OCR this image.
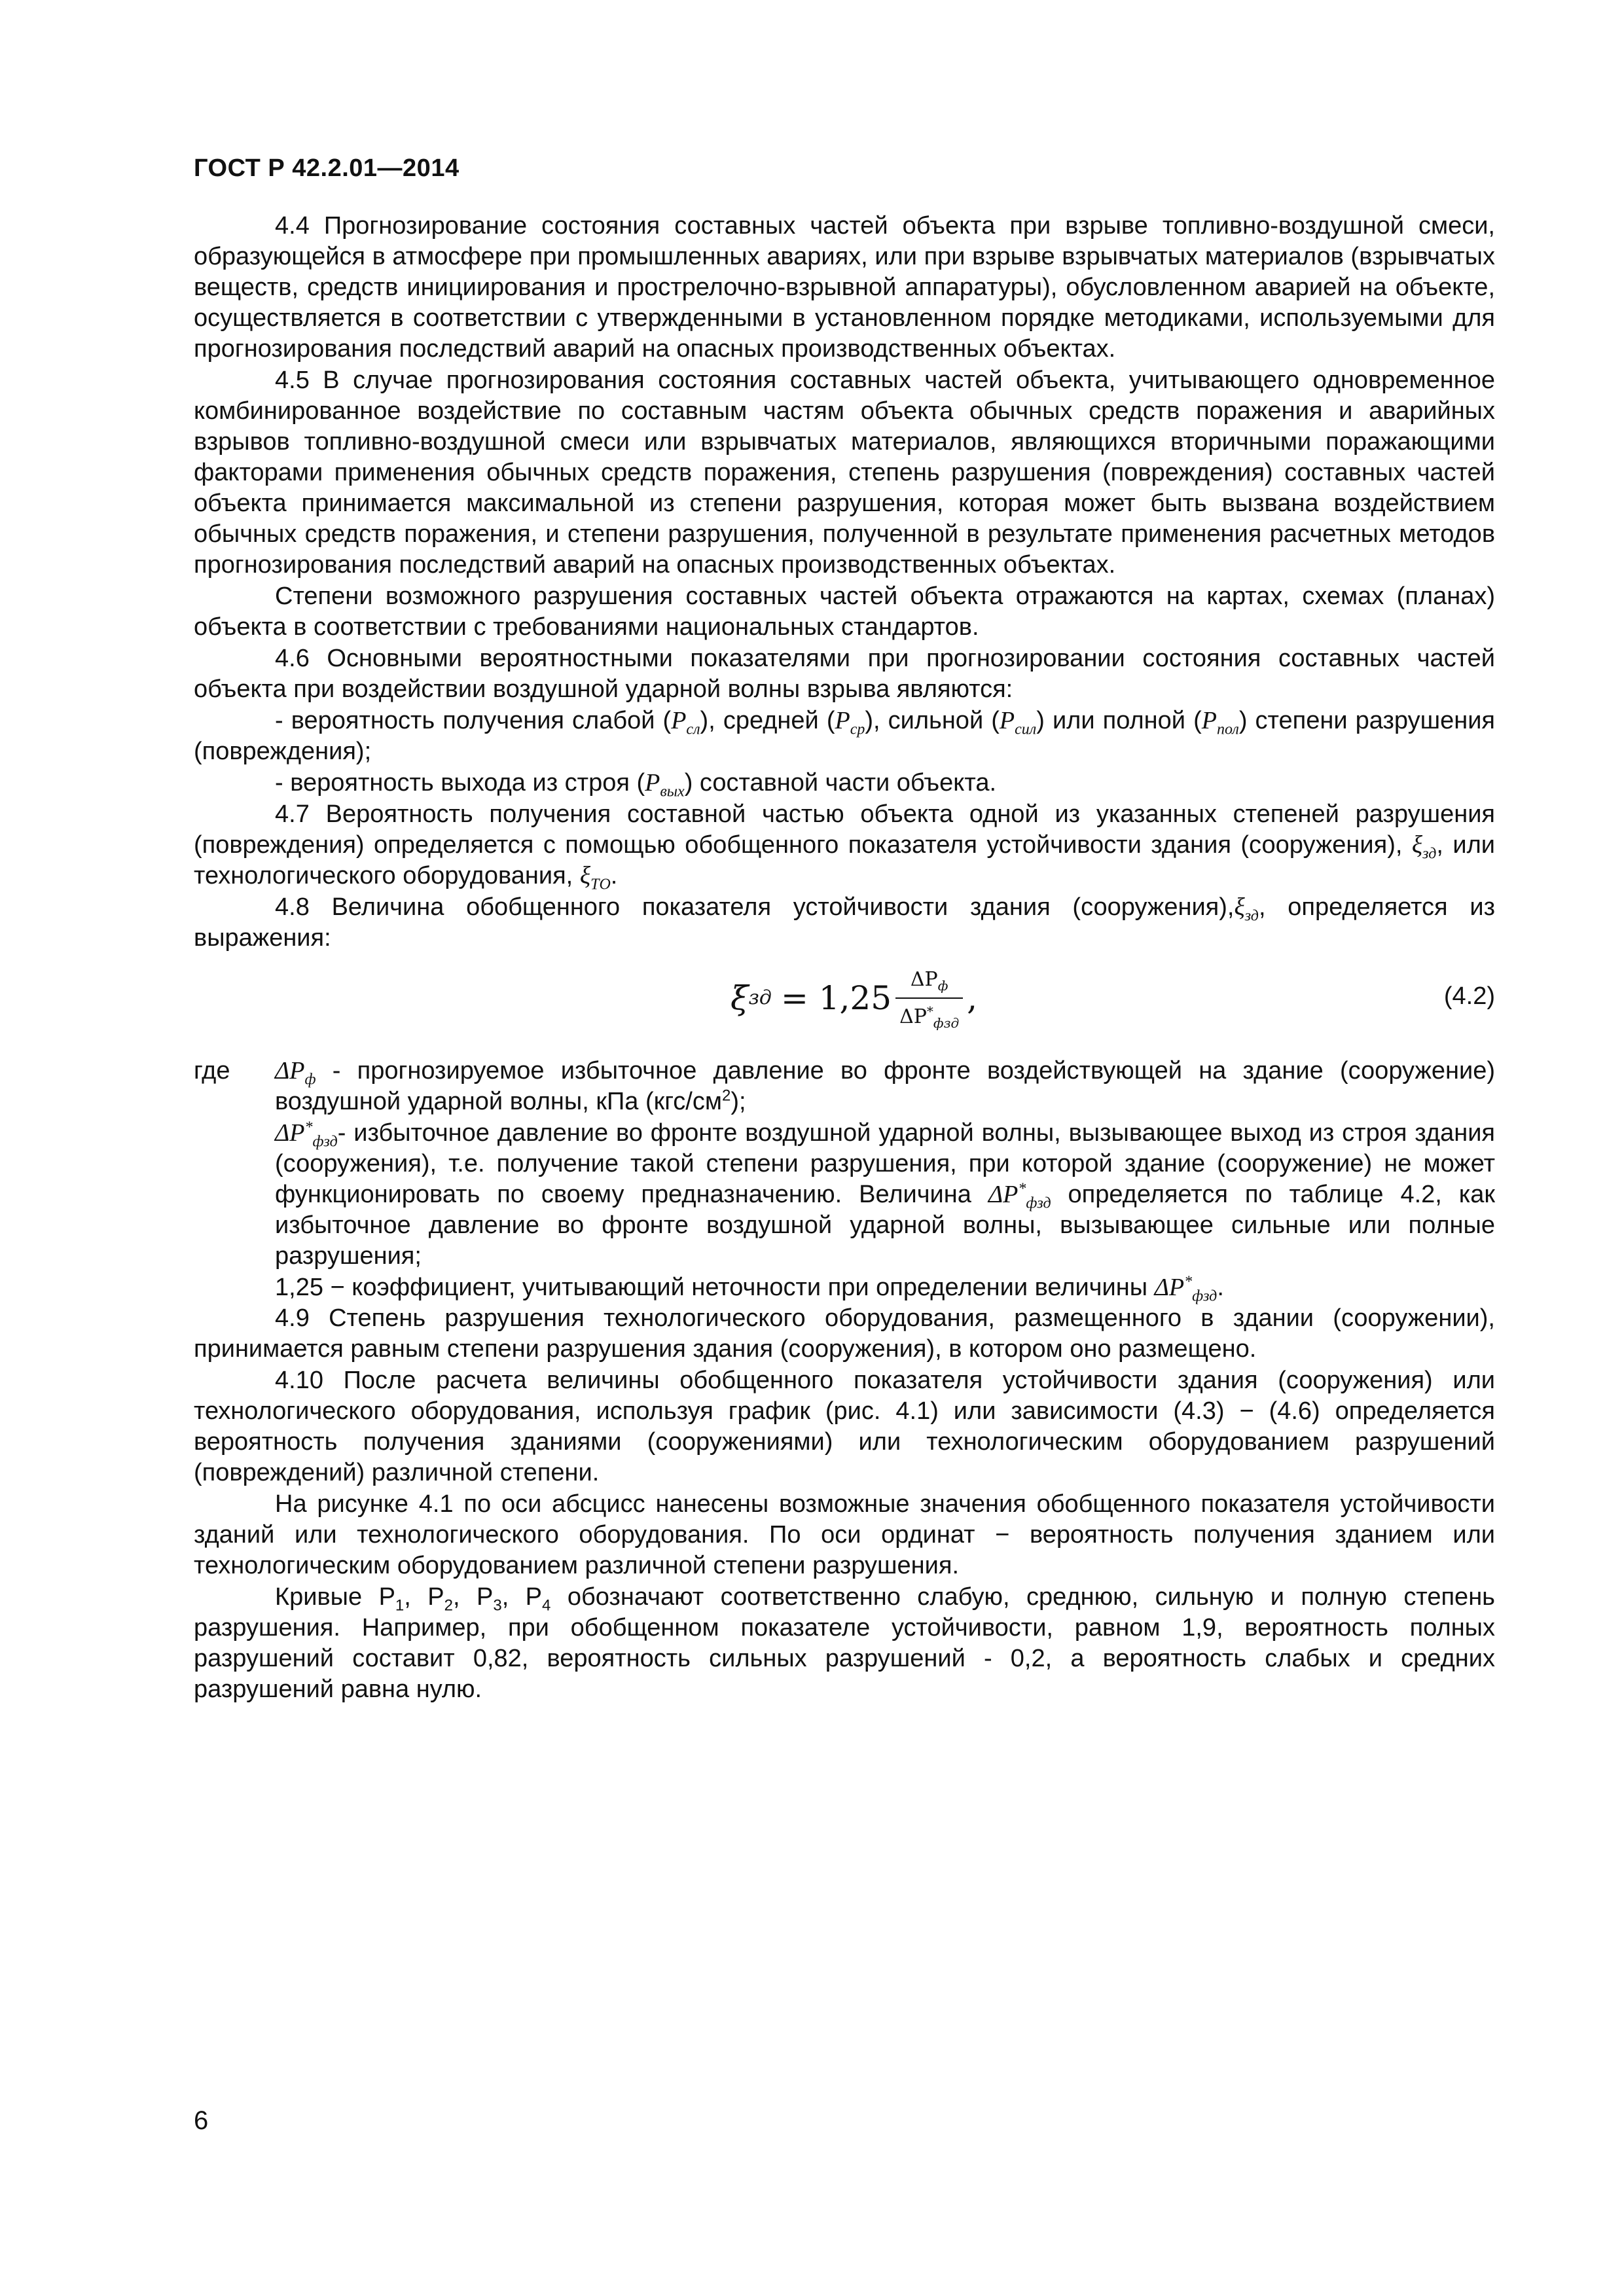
ГОСТ Р 42.2.01—2014

4.4 Прогнозирование состояния составных частей объекта при взрыве топливно-воздушной смеси, образующейся в атмосфере при промышленных авариях, или при взрыве взрывчатых материалов (взрывчатых веществ, средств инициирования и прострелочно-взрывной аппаратуры), обусловленном аварией на объекте, осуществляется в соответствии с утвержденными в установленном порядке методиками, используемыми для прогнозирования последствий аварий на опасных производственных объектах.

4.5 В случае прогнозирования состояния составных частей объекта, учитывающего одновременное комбинированное воздействие по составным частям объекта обычных средств поражения и аварийных взрывов топливно-воздушной смеси или взрывчатых материалов, являющихся вторичными поражающими факторами применения обычных средств поражения, степень разрушения (повреждения) составных частей объекта принимается максимальной из степени разрушения, которая может быть вызвана воздействием обычных средств поражения, и степени разрушения, полученной в результате применения расчетных методов прогнозирования последствий аварий на опасных производственных объектах.

Степени возможного разрушения составных частей объекта отражаются на картах, схемах (планах) объекта в соответствии с требованиями национальных стандартов.

4.6 Основными вероятностными показателями при прогнозировании состояния составных частей объекта при воздействии воздушной ударной волны взрыва являются:

- вероятность получения слабой $(P_{сл})$, средней $(P_{ср})$, сильной $(P_{сил})$ или полной $(P_{пол})$ степени разрушения (повреждения);

- вероятность выхода из строя $(P_{вых})$ составной части объекта.

4.7 Вероятность получения составной частью объекта одной из указанных степеней разрушения (повреждения) определяется с помощью обобщенного показателя устойчивости здания (сооружения), $\xi_{зд}$, или технологического оборудования, $\xi_{ТО}$.

4.8 Величина обобщенного показателя устойчивости здания $(сооружения),\xi_{зд}$, определяется из выражения:

ξ зд = $1,25 \frac{\Delta P_ф}{\Delta P^*_{фзд}}$ ,	(4.2)
где	$\Delta P_ф$ - прогнозируемое избыточное давление во фронте воздействующей на здание (сооружение) воздушной ударной волны, кПа $(кгс/см^2)$;

$\Delta P^*_{фзд}-$ избыточное давление во фронте воздушной ударной волны, вызывающее выход из строя здания (сооружения), т.е. получение такой степени разрушения, при которой здание (сооружение) не может функционировать по своему предназначению. Величина $\Delta P^*_{фзд}$ определяется по таблице 4.2, как избыточное давление во фронте воздушной ударной волны, вызывающее сильные или полные разрушения;

1,25 − коэффициент, учитывающий неточности при определении величины $\Delta P^*_{фзд}$.

4.9 Степень разрушения технологического оборудования, размещенного в здании (сооружении), принимается равным степени разрушения здания (сооружения), в котором оно размещено.

4.10 После расчета величины обобщенного показателя устойчивости здания (сооружения) или технологического оборудования, используя график (рис. 4.1) или зависимости (4.3) − (4.6) определяется вероятность получения зданиями (сооружениями) или технологическим оборудованием разрушений (повреждений) различной степени.

На рисунке 4.1 по оси абсцисс нанесены возможные значения обобщенного показателя устойчивости зданий или технологического оборудования. По оси ординат − вероятность получения зданием или технологическим оборудованием различной степени разрушения.

Кривые $Р_1$, $Р_2$, $Р_3$, $Р_4$ обозначают соответственно слабую, среднюю, сильную и полную степень разрушения. Например, при обобщенном показателе устойчивости, равном 1,9, вероятность полных разрушений составит 0,82, вероятность сильных разрушений - 0,2, а вероятность слабых и средних разрушений равна нулю.

6
